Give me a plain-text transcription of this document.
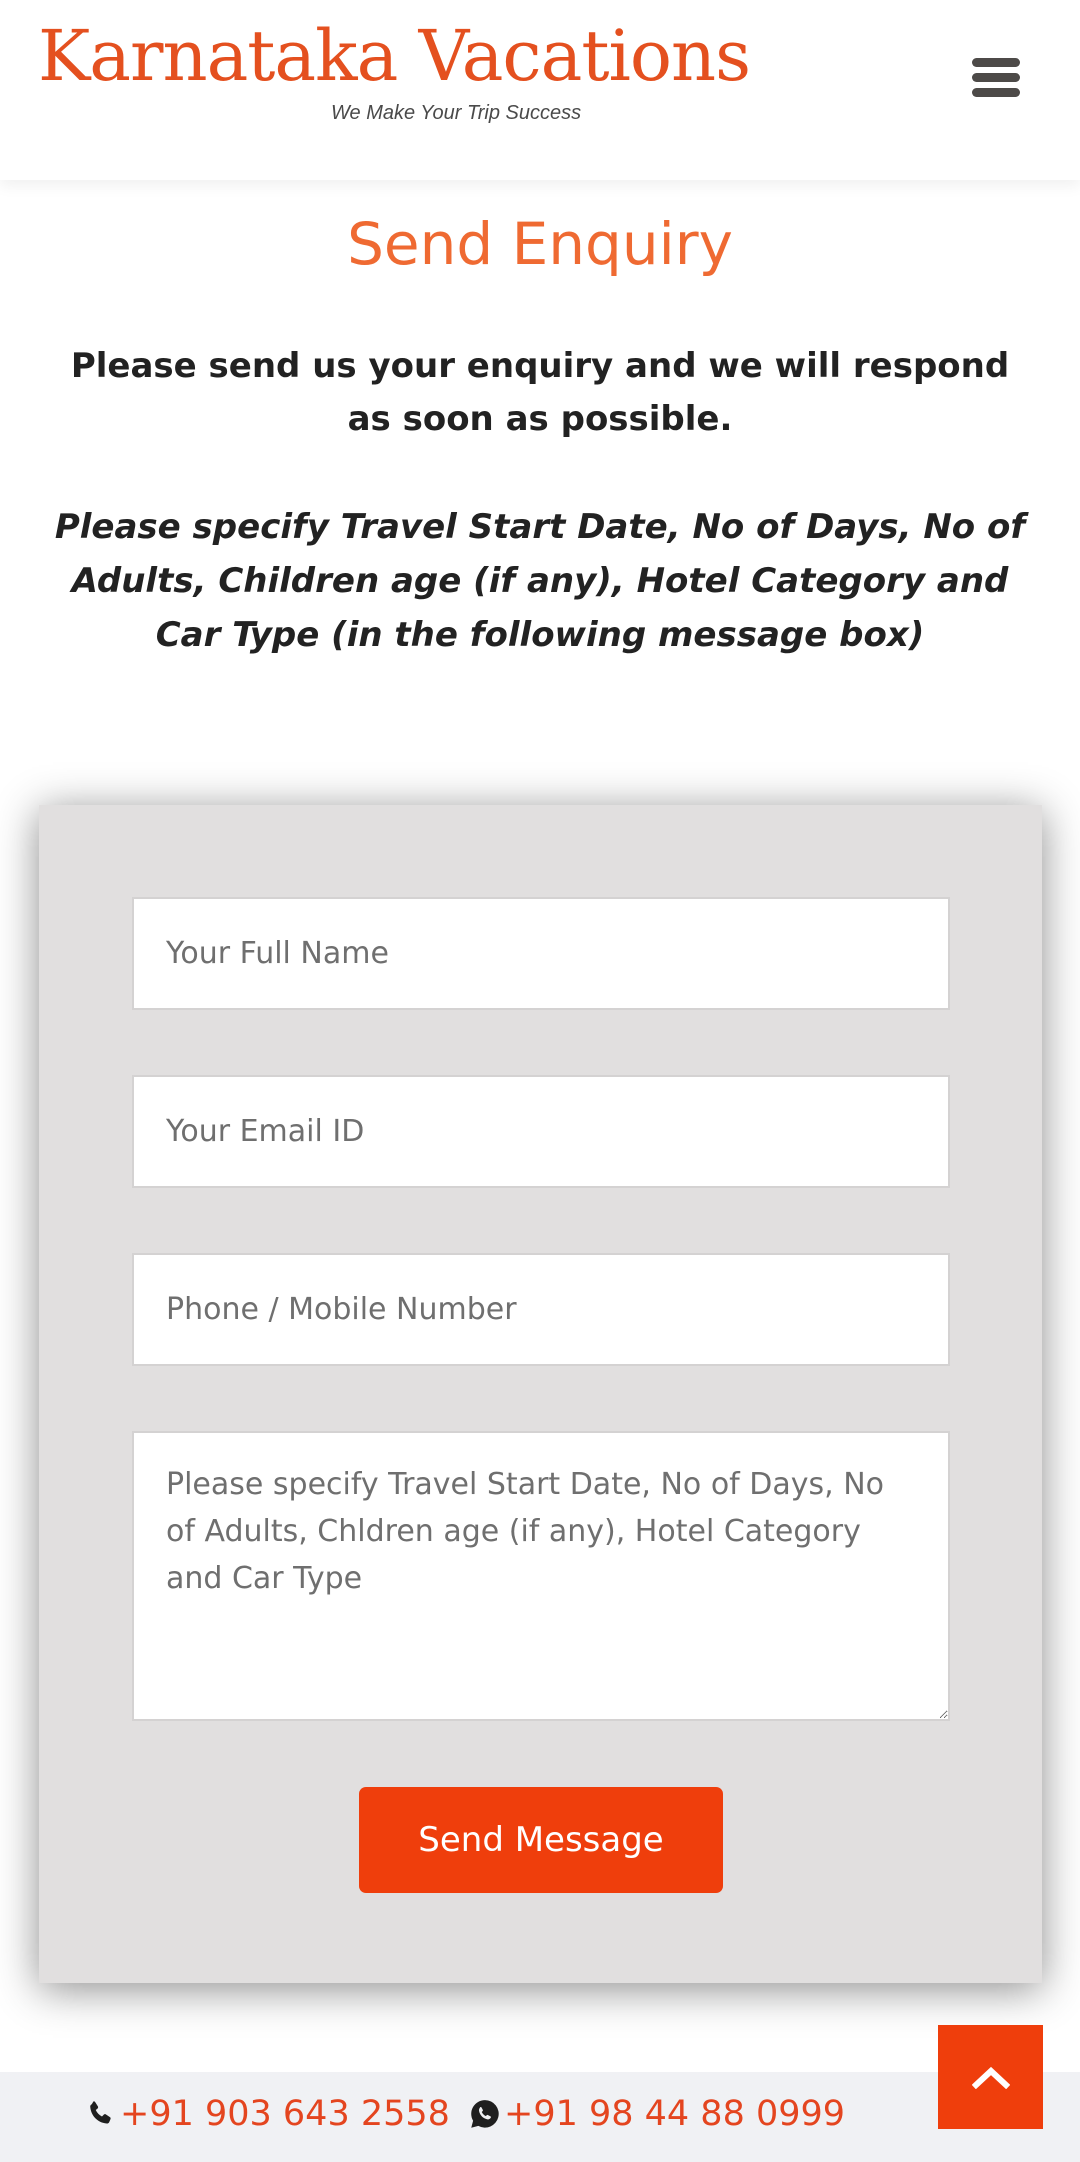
Karnataka Vacations
We Make Your Trip Success
Send Enquiry

Please send us your enquiry and we will respond as soon as possible.

Please specify Travel Start Date, No of Days, No of Adults, Children age (if any), Hotel Category and Car Type (in the following message box)

Your Full Name
Your Email ID
Phone / Mobile Number
Please specify Travel Start Date, No of Days, No of Adults, Chldren age (if any), Hotel Category and Car Type
Send Message
+91 903 643 2558 +91 98 44 88 0999
